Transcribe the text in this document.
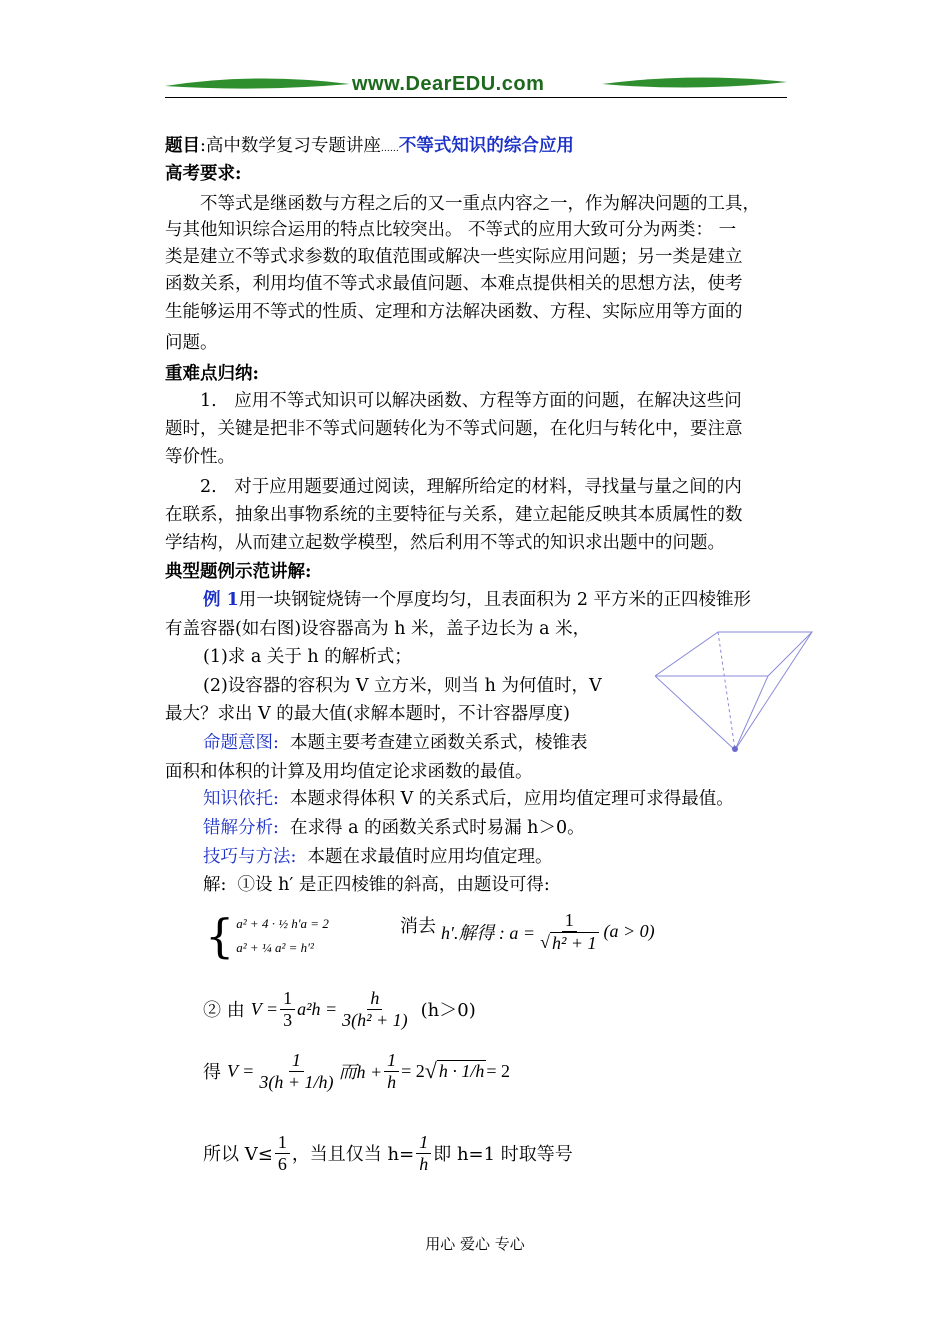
www.DearEDU.com
题目:高中数学复习专题讲座……不等式知识的综合应用
高考要求:
　　不等式是继函数与方程之后的又一重点内容之一，作为解决问题的工具，
与其他知识综合运用的特点比较突出。 不等式的应用大致可分为两类： 一
类是建立不等式求参数的取值范围或解决一些实际应用问题；另一类是建立
函数关系，利用均值不等式求最值问题、本难点提供相关的思想方法，使考
生能够运用不等式的性质、定理和方法解决函数、方程、实际应用等方面的
问题。
重难点归纳:
　　1.　应用不等式知识可以解决函数、方程等方面的问题，在解决这些问
题时，关键是把非不等式问题转化为不等式问题，在化归与转化中，要注意
等价性。
　　2.　对于应用题要通过阅读，理解所给定的材料，寻找量与量之间的内
在联系，抽象出事物系统的主要特征与关系，建立起能反映其本质属性的数
学结构，从而建立起数学模型，然后利用不等式的知识求出题中的问题。
典型题例示范讲解:
例 1用一块钢锭烧铸一个厚度均匀，且表面积为 2 平方米的正四棱锥形
有盖容器(如右图)设容器高为 h 米，盖子边长为 a 米，
(1)求 a 关于 h 的解析式；
(2)设容器的容积为 V 立方米，则当 h 为何值时，V
最大？求出 V 的最大值(求解本题时，不计容器厚度)
命题意图: 本题主要考查建立函数关系式，棱锥表
面积和体积的计算及用均值定论求函数的最值。
知识依托: 本题求得体积 V 的关系式后，应用均值定理可求得最值。
错解分析: 在求得 a 的函数关系式时易漏 h＞0。
技巧与方法: 本题在求最值时应用均值定理。
解: ①设 h′ 是正四棱锥的斜高，由题设可得:
{ a² + 4 · ½ h′a = 2
a² + ¼ a² = h′²
消去 h′.解得 : $a = \frac{1}{\text{√ h² + 1}} (a > 0)$
② 由 $V = \frac{1}{3} a^2h = \frac{h}{\text{3(h² + 1)}} (h>0)$
得 $V = \frac{1}{3(h + 1/h)}$ 而$h + \frac{1}{h} = 2$ √ h · 1/h = 2
所以 $V\le \frac{1}{6}$ ，当且仅当 $h= \frac{1}{h}$ 即 h=1 时取等号
用心 爱心 专心
